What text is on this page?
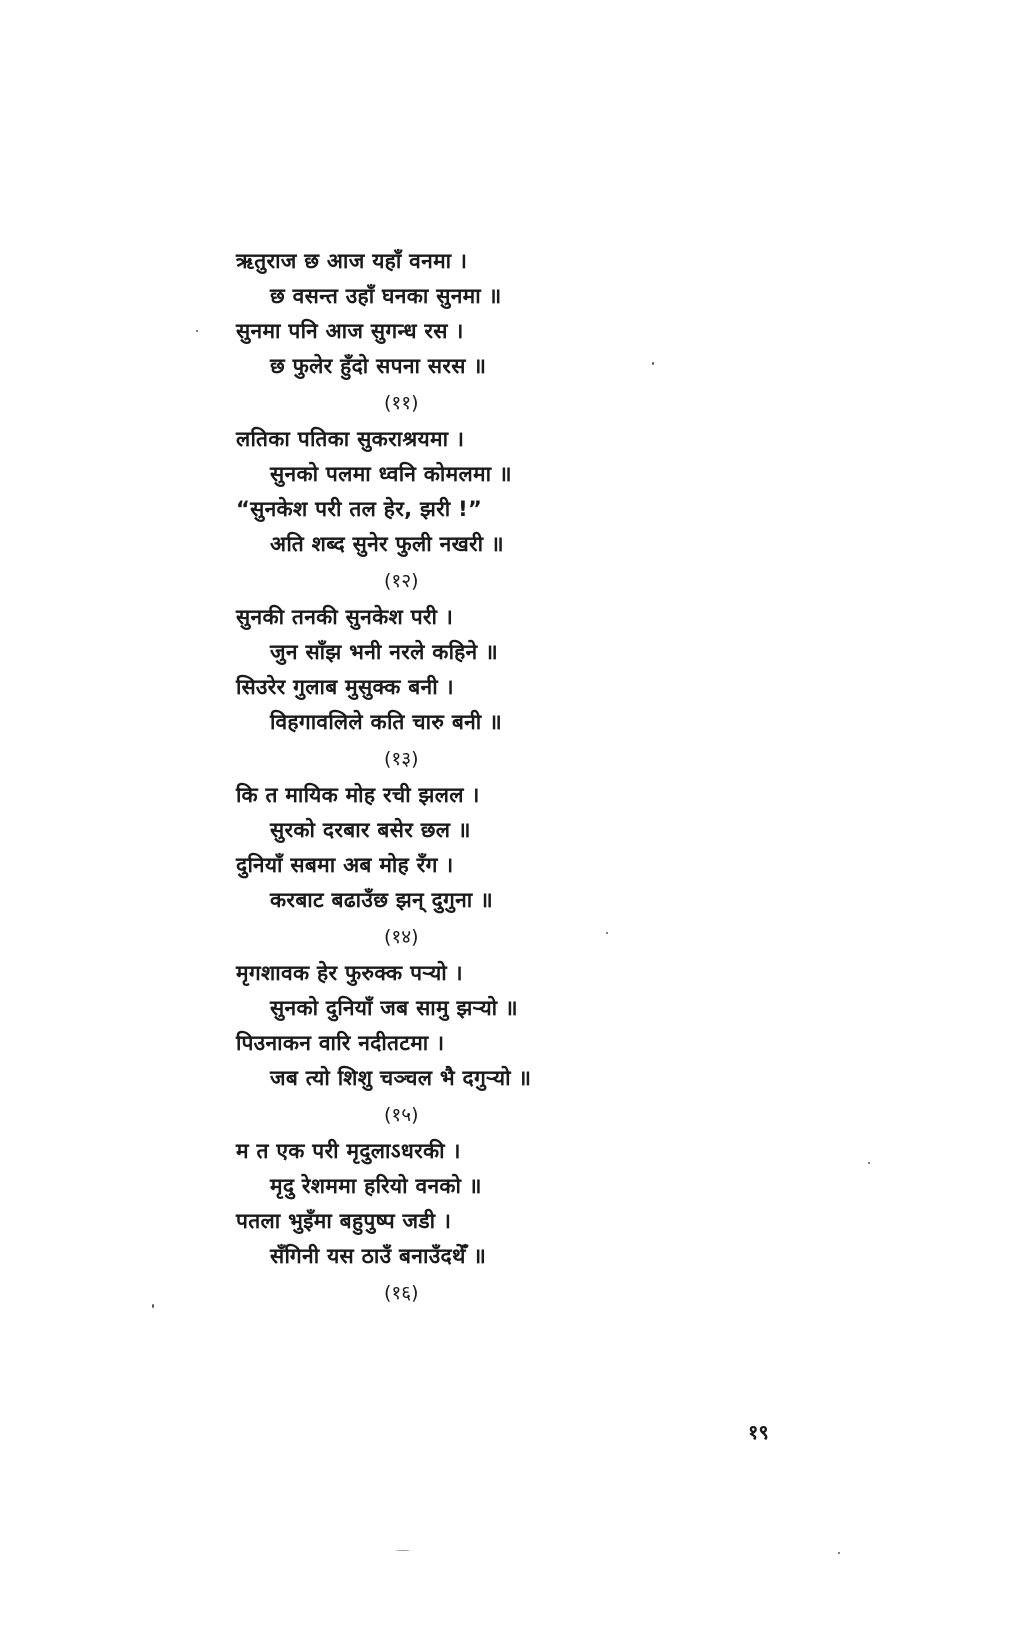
ऋतुराज छ आज यहाँ वनमा ।
छ वसन्त उहाँ घनका सुनमा ॥
सुनमा पनि आज सुगन्ध रस ।
छ फुलेर हुँदो सपना सरस ॥
(११)
लतिका पतिका सुकराश्रयमा ।
सुनको पलमा ध्वनि कोमलमा ॥
“सुनकेश परी तल हेर, झरी !”
अति शब्द सुनेर फुली नखरी ॥
(१२)
सुनकी तनकी सुनकेश परी ।
जुन साँझ भनी नरले कहिने ॥
सिउरेर गुलाब मुसुक्क बनी ।
विहगावलिले कति चारु बनी ॥
(१३)
कि त मायिक मोह रची झलल ।
सुरको दरबार बसेर छल ॥
दुनियाँ सबमा अब मोह रँग ।
करबाट बढाउँछ झन् दुगुना ॥
(१४)
मृगशावक हेर फुरुक्क पऱ्यो ।
सुनको दुनियाँ जब सामु झऱ्यो ॥
पिउनाकन वारि नदीतटमा ।
जब त्यो शिशु चञ्चल भै दगुऱ्यो ॥
(१५)
म त एक परी मृदुलाऽधरकी ।
मृदु रेशममा हरियो वनको ॥
पतला भुइँमा बहुपुष्प जडी ।
सँगिनी यस ठाउँ बनाउँदथेँ ॥
(१६)
१९
